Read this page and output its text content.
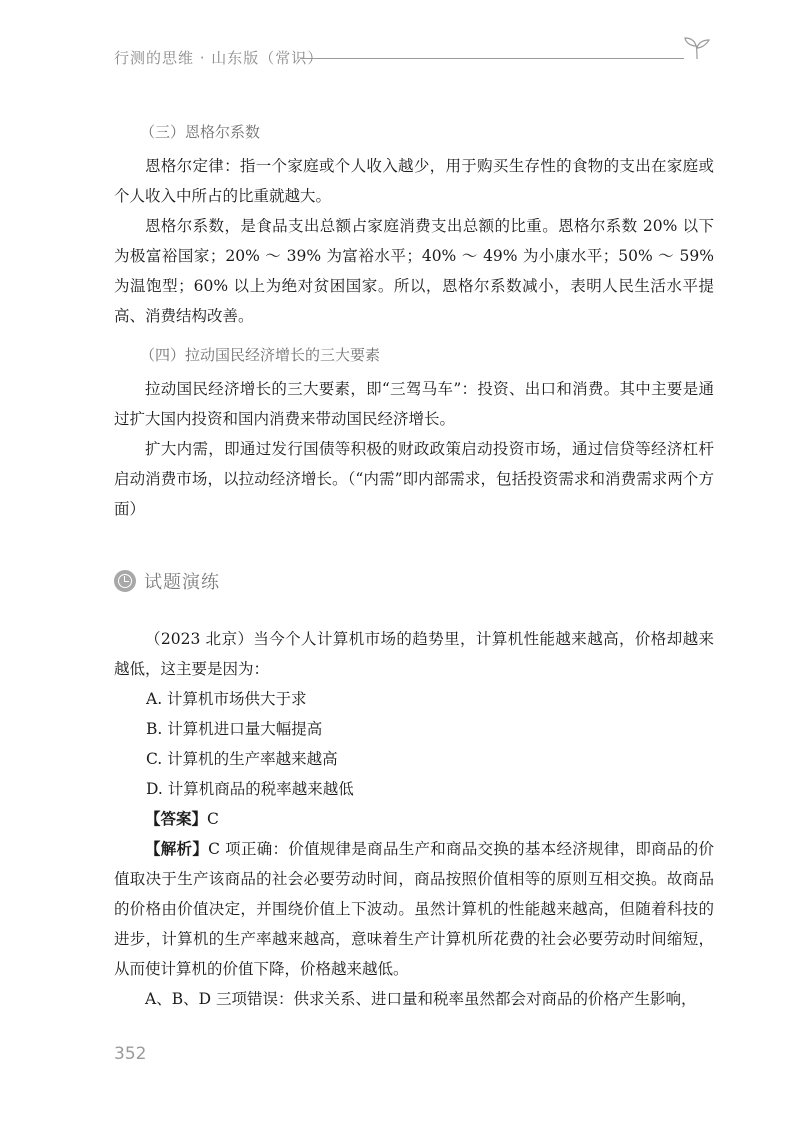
行测的思维 · 山东版（常识）
（三）恩格尔系数

恩格尔定律：指一个家庭或个人收入越少，用于购买生存性的食物的支出在家庭或个人收入中所占的比重就越大。

恩格尔系数，是食品支出总额占家庭消费支出总额的比重。恩格尔系数 20% 以下为极富裕国家；20% ～ 39% 为富裕水平；40% ～ 49% 为小康水平；50% ～ 59% 为温饱型；60% 以上为绝对贫困国家。所以，恩格尔系数减小，表明人民生活水平提高、消费结构改善。

（四）拉动国民经济增长的三大要素

拉动国民经济增长的三大要素，即“三驾马车”：投资、出口和消费。其中主要是通过扩大国内投资和国内消费来带动国民经济增长。

扩大内需，即通过发行国债等积极的财政政策启动投资市场，通过信贷等经济杠杆启动消费市场，以拉动经济增长。（“内需”即内部需求，包括投资需求和消费需求两个方面）

试题演练

（2023 北京）当今个人计算机市场的趋势里，计算机性能越来越高，价格却越来越低，这主要是因为：

A. 计算机市场供大于求
B. 计算机进口量大幅提高
C. 计算机的生产率越来越高
D. 计算机商品的税率越来越低

【答案】C

【解析】C 项正确：价值规律是商品生产和商品交换的基本经济规律，即商品的价值取决于生产该商品的社会必要劳动时间，商品按照价值相等的原则互相交换。故商品的价格由价值决定，并围绕价值上下波动。虽然计算机的性能越来越高，但随着科技的进步，计算机的生产率越来越高，意味着生产计算机所花费的社会必要劳动时间缩短，从而使计算机的价值下降，价格越来越低。

A、B、D 三项错误：供求关系、进口量和税率虽然都会对商品的价格产生影响，

352
